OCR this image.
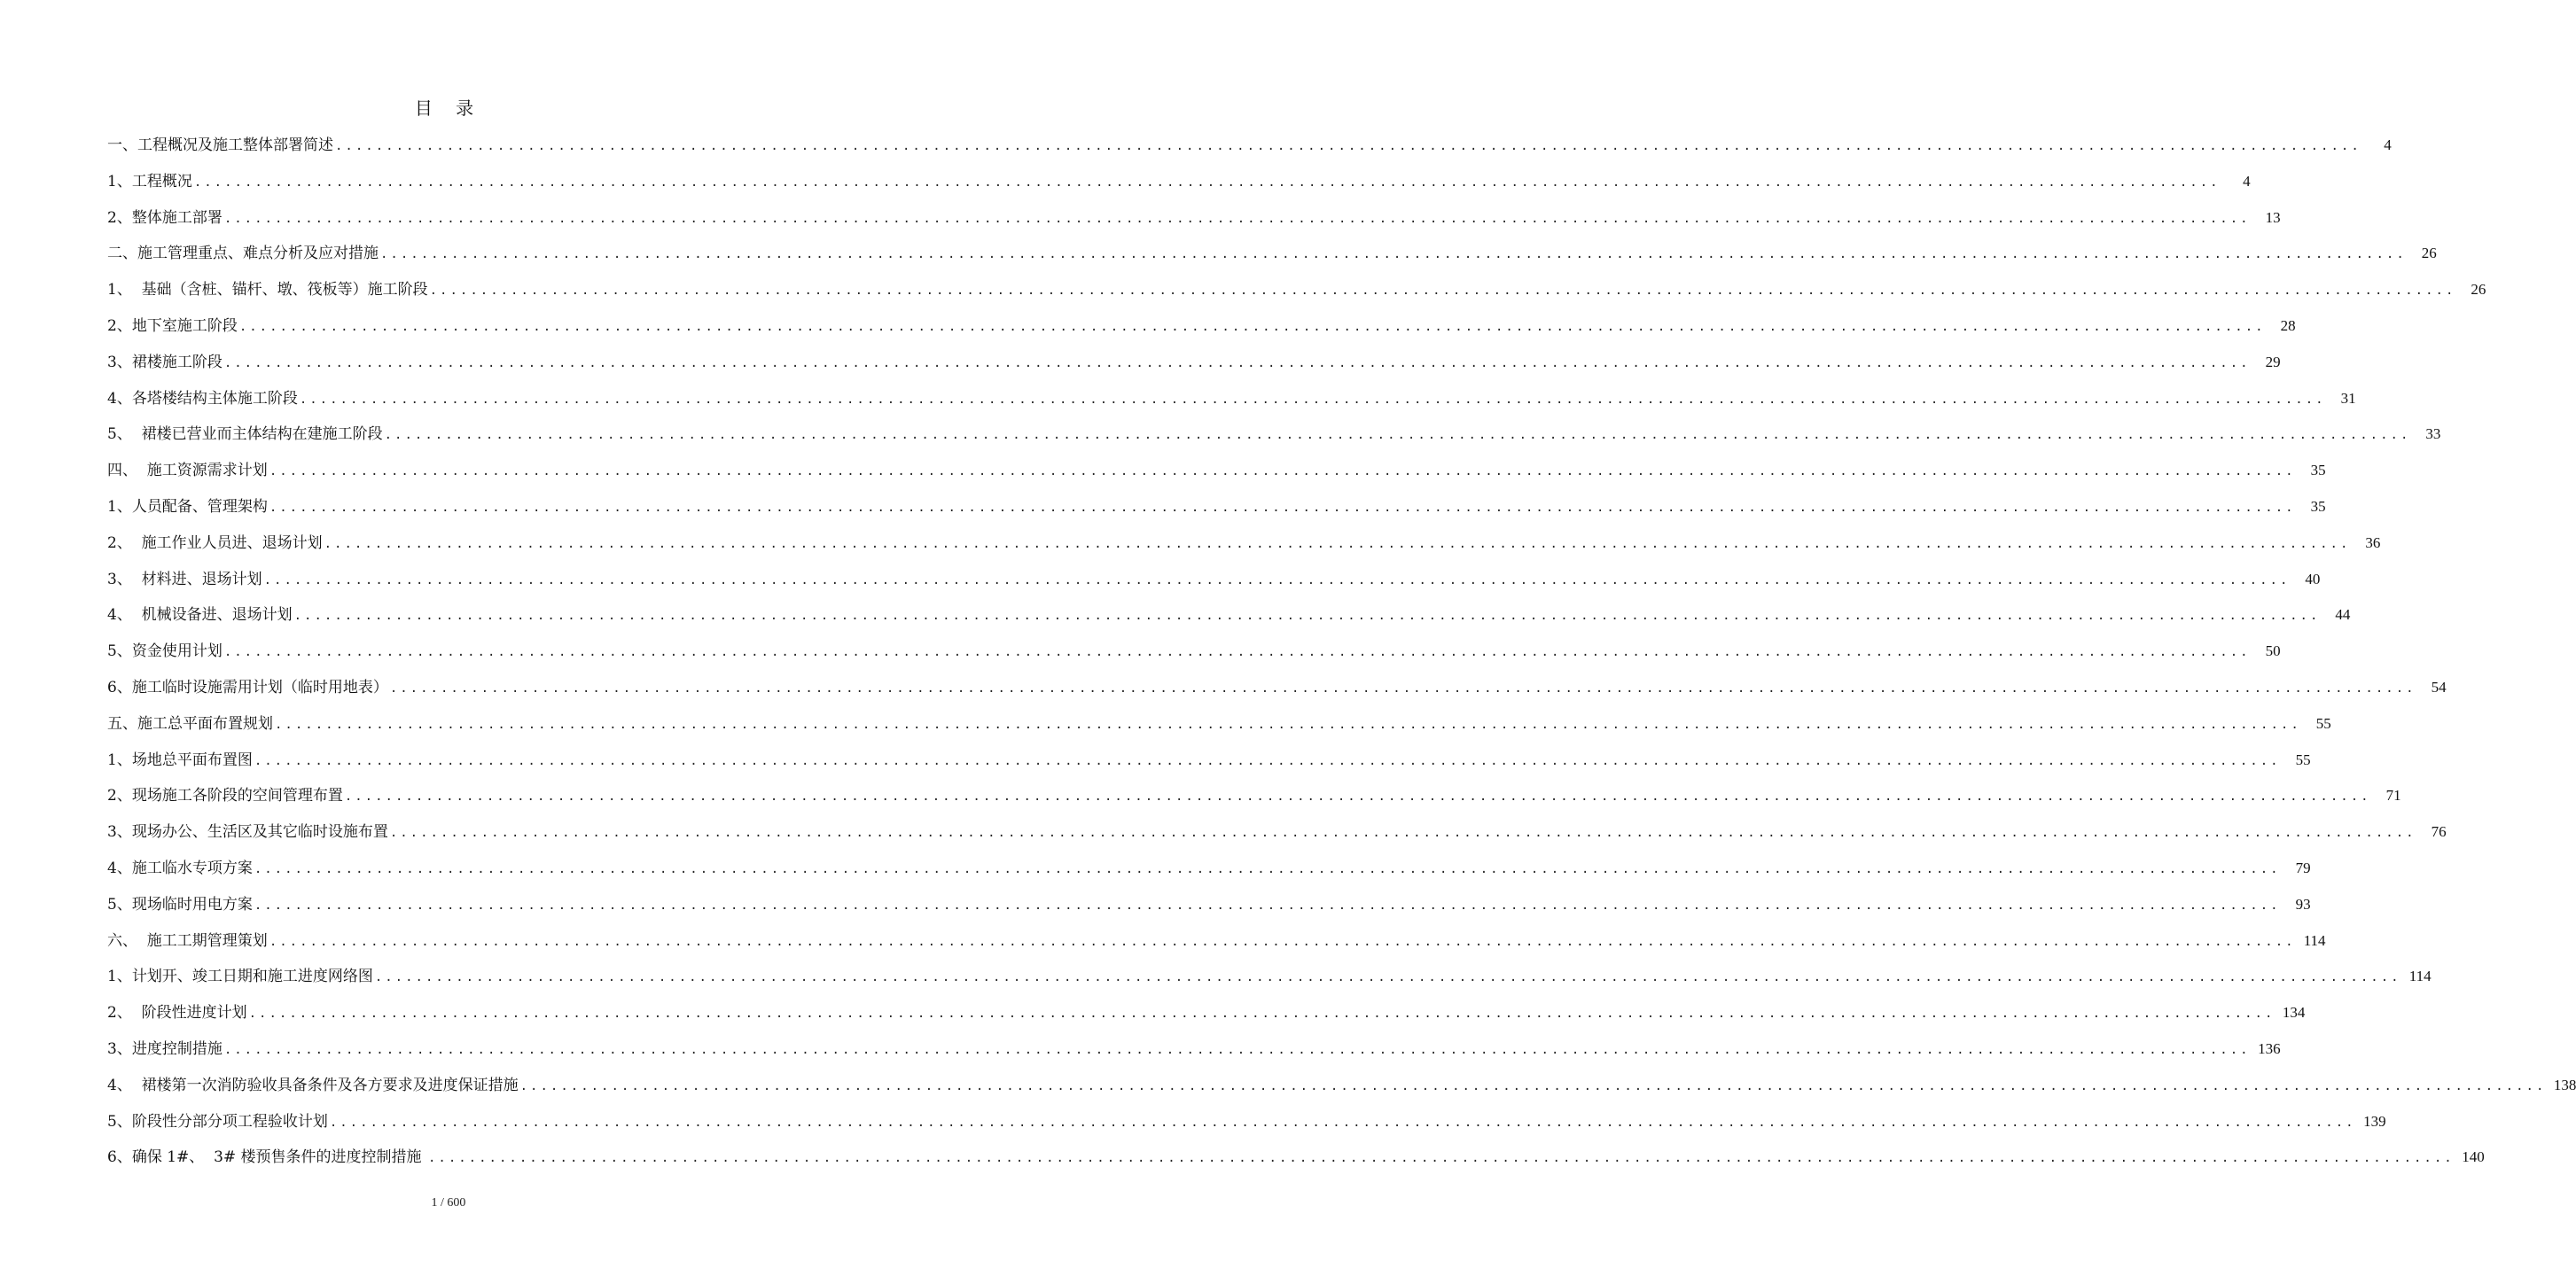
目 录
一、工程概况及施工整体部署简述 ........................................................................................................................................................................................................	4
1、工程概况 ........................................................................................................................................................................................................	4
2、整体施工部署 ........................................................................................................................................................................................................	13
二、施工管理重点、难点分析及应对措施 ........................................................................................................................................................................................................	26
1、  基础（含桩、锚杆、墩、筏板等）施工阶段 ........................................................................................................................................................................................................	26
2、地下室施工阶段 ........................................................................................................................................................................................................	28
3、裙楼施工阶段 ........................................................................................................................................................................................................	29
4、各塔楼结构主体施工阶段 ........................................................................................................................................................................................................	31
5、  裙楼已营业而主体结构在建施工阶段 ........................................................................................................................................................................................................	33
四、  施工资源需求计划 ........................................................................................................................................................................................................	35
1、人员配备、管理架构 ........................................................................................................................................................................................................	35
2、  施工作业人员进、退场计划 ........................................................................................................................................................................................................	36
3、  材料进、退场计划 ........................................................................................................................................................................................................	40
4、  机械设备进、退场计划 ........................................................................................................................................................................................................	44
5、资金使用计划 ........................................................................................................................................................................................................	50
6、施工临时设施需用计划（临时用地表） ........................................................................................................................................................................................................	54
五、施工总平面布置规划 ........................................................................................................................................................................................................	55
1、场地总平面布置图 ........................................................................................................................................................................................................	55
2、现场施工各阶段的空间管理布置 ........................................................................................................................................................................................................	71
3、现场办公、生活区及其它临时设施布置 ........................................................................................................................................................................................................	76
4、施工临水专项方案 ........................................................................................................................................................................................................	79
5、现场临时用电方案 ........................................................................................................................................................................................................	93
六、  施工工期管理策划 ........................................................................................................................................................................................................ 114
1、计划开、竣工日期和施工进度网络图 ........................................................................................................................................................................................................ 114
2、  阶段性进度计划 ........................................................................................................................................................................................................ 134
3、进度控制措施 ........................................................................................................................................................................................................ 136
4、  裙楼第一次消防验收具备条件及各方要求及进度保证措施 ........................................................................................................................................................................................................ 138
5、阶段性分部分项工程验收计划 ........................................................................................................................................................................................................ 139
6、确保 1#、  3# 楼预售条件的进度控制措施 ........................................................................................................................................................................................................ 140
1 / 600
